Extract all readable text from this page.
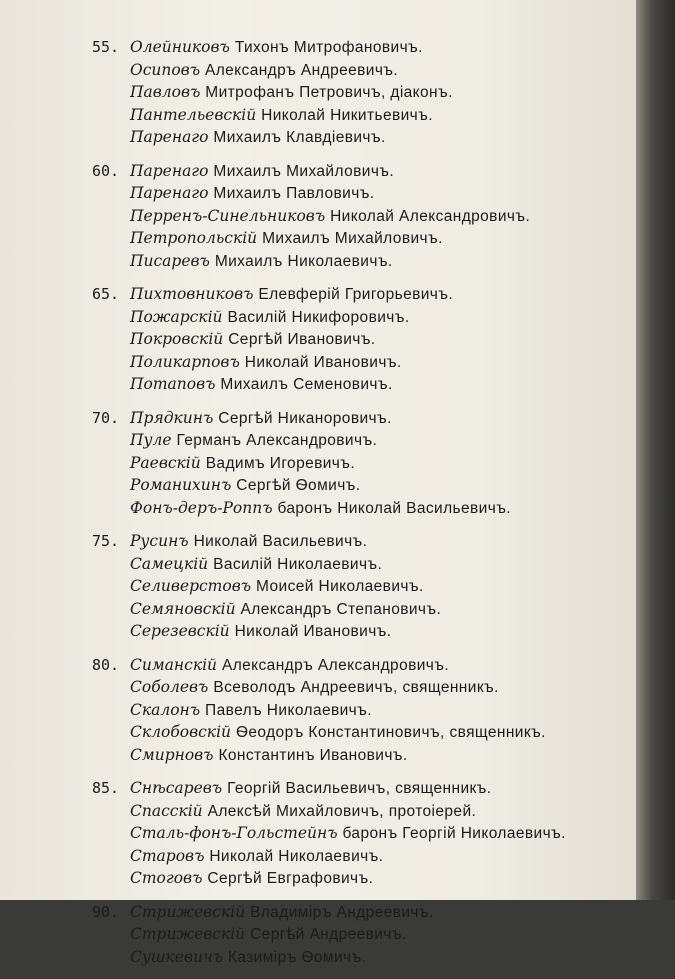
55. Олейниковъ Тихонъ Митрофановичъ.
Осиповъ Александръ Андреевичъ.
Павловъ Митрофанъ Петровичъ, діаконъ.
Пантельевскій Николай Никитьевичъ.
Паренаго Михаилъ Клавдіевичъ.
60. Паренаго Михаилъ Михайловичъ.
Паренаго Михаилъ Павловичъ.
Перренъ-Синельниковъ Николай Александровичъ.
Петропольскій Михаилъ Михайловичъ.
Писаревъ Михаилъ Николаевичъ.
65. Пихтовниковъ Елевферій Григорьевичъ.
Пожарскій Василій Никифоровичъ.
Покровскій Сергѣй Ивановичъ.
Поликарповъ Николай Ивановичъ.
Потаповъ Михаилъ Семеновичъ.
70. Прядкинъ Сергѣй Никаноровичъ.
Пуле Германъ Александровичъ.
Раевскій Вадимъ Игоревичъ.
Романихинъ Сергѣй Ѳомичъ.
Фонъ-деръ-Роппъ баронъ Николай Васильевичъ.
75. Русинъ Николай Васильевичъ.
Самецкій Василій Николаевичъ.
Селиверстовъ Моисей Николаевичъ.
Семяновскій Александръ Степановичъ.
Серезевскій Николай Ивановичъ.
80. Симанскій Александръ Александровичъ.
Соболевъ Всеволодъ Андреевичъ, священникъ.
Скалонъ Павелъ Николаевичъ.
Склобовскій Ѳеодоръ Константиновичъ, священникъ.
Смирновъ Константинъ Ивановичъ.
85. Снѣсаревъ Георгій Васильевичъ, священникъ.
Спасскій Алексѣй Михайловичъ, протоіерей.
Сталь-фонъ-Гольстейнъ баронъ Георгій Николаевичъ.
Старовъ Николай Николаевичъ.
Стоговъ Сергѣй Евграфовичъ.
90. Стрижевскій Владиміръ Андреевичъ.
Стрижевскій Сергѣй Андреевичъ.
Сушкевичъ Казиміръ Ѳомичъ.
